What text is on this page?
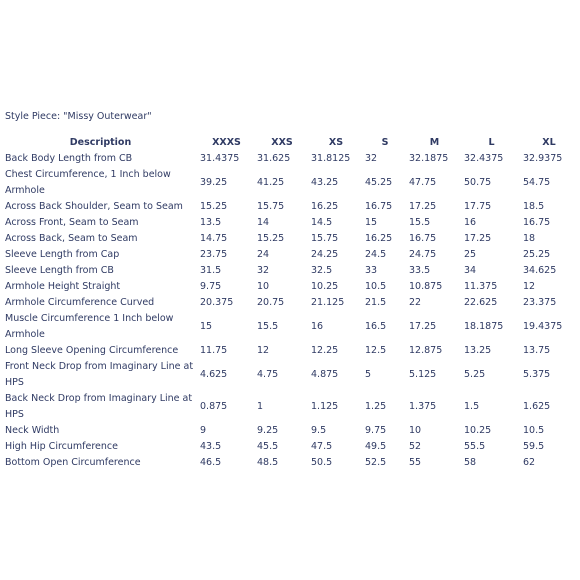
Style Piece: "Missy Outerwear"
Description	XXXS	XXS	XS	S	M	L	XL
Back Body Length from CB	31.4375	31.625	31.8125	32	32.1875	32.4375	32.9375
Chest Circumference, 1 Inch below Armhole	39.25	41.25	43.25	45.25	47.75	50.75	54.75
Across Back Shoulder, Seam to Seam	15.25	15.75	16.25	16.75	17.25	17.75	18.5
Across Front, Seam to Seam	13.5	14	14.5	15	15.5	16	16.75
Across Back, Seam to Seam	14.75	15.25	15.75	16.25	16.75	17.25	18
Sleeve Length from Cap	23.75	24	24.25	24.5	24.75	25	25.25
Sleeve Length from CB	31.5	32	32.5	33	33.5	34	34.625
Armhole Height Straight	9.75	10	10.25	10.5	10.875	11.375	12
Armhole Circumference Curved	20.375	20.75	21.125	21.5	22	22.625	23.375
Muscle Circumference 1 Inch below Armhole	15	15.5	16	16.5	17.25	18.1875	19.4375
Long Sleeve Opening Circumference	11.75	12	12.25	12.5	12.875	13.25	13.75
Front Neck Drop from Imaginary Line at HPS	4.625	4.75	4.875	5	5.125	5.25	5.375
Back Neck Drop from Imaginary Line at HPS	0.875	1	1.125	1.25	1.375	1.5	1.625
Neck Width	9	9.25	9.5	9.75	10	10.25	10.5
High Hip Circumference	43.5	45.5	47.5	49.5	52	55.5	59.5
Bottom Open Circumference	46.5	48.5	50.5	52.5	55	58	62
